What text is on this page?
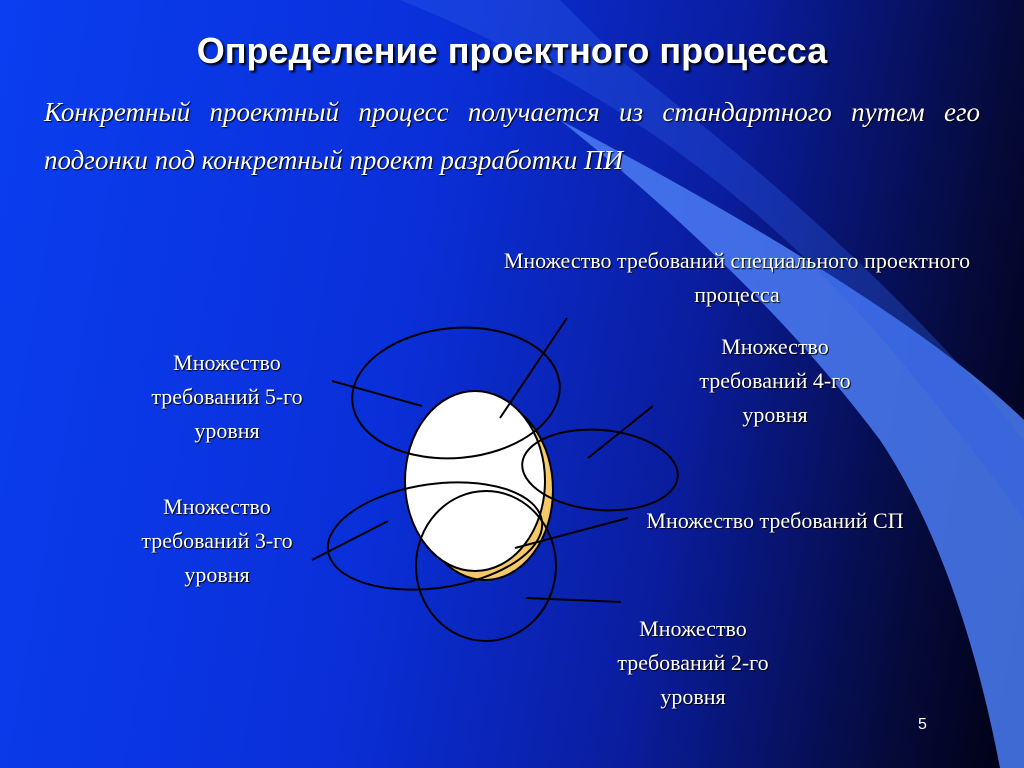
Определение проектного процесса
Конкретный проектный процесс получается из стандартного путем его подгонки под конкретный проект разработки ПИ
Множество требований специального проектного процесса
Множество требований 4-го уровня
Множество требований 5-го уровня
Множество требований 3-го уровня
Множество требований СП
Множество требований 2-го уровня
5
